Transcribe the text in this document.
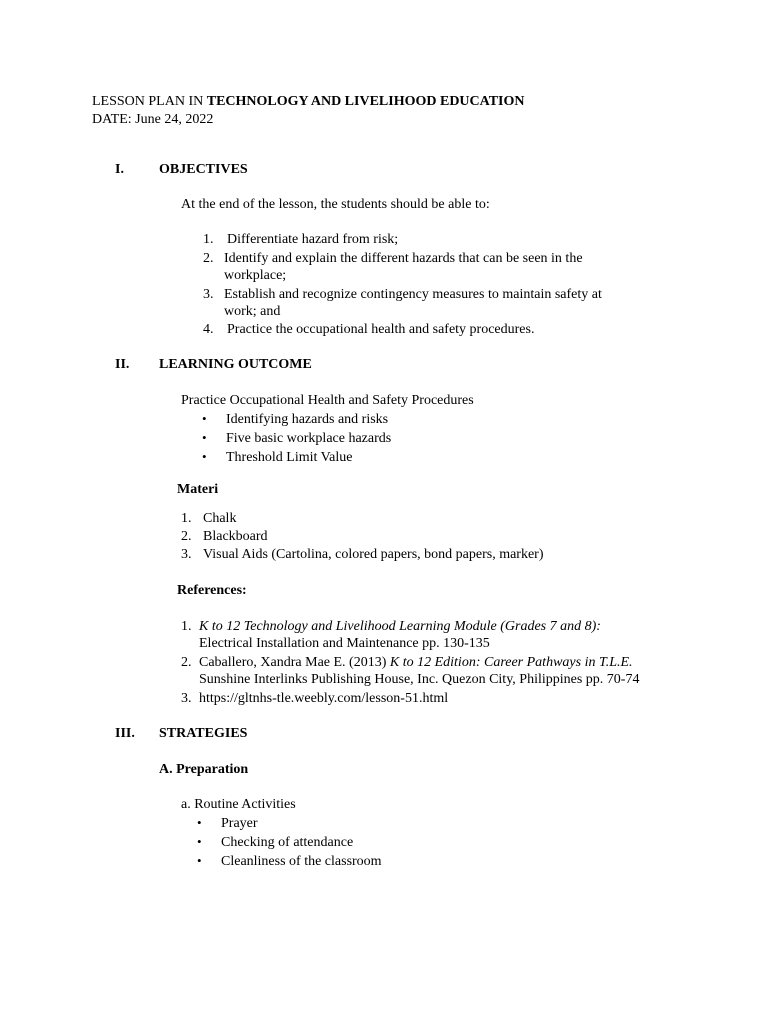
LESSON PLAN IN TECHNOLOGY AND LIVELIHOOD EDUCATION
DATE: June 24, 2022
I.	OBJECTIVES
At the end of the lesson, the students should be able to:
1. Differentiate hazard from risk;
2. Identify and explain the different hazards that can be seen in the
workplace;
3. Establish and recognize contingency measures to maintain safety at
work; and
4. Practice the occupational health and safety procedures.
II. LEARNING OUTCOME
Practice Occupational Health and Safety Procedures
• Identifying hazards and risks
• Five basic workplace hazards
• Threshold Limit Value
Materi
1. Chalk
2. Blackboard
3. Visual Aids (Cartolina, colored papers, bond papers, marker)
References:
1. K to 12 Technology and Livelihood Learning Module (Grades 7 and 8):
Electrical Installation and Maintenance pp. 130-135
2. Caballero, Xandra Mae E. (2013) K to 12 Edition: Career Pathways in T.L.E.
Sunshine Interlinks Publishing House, Inc. Quezon City, Philippines pp. 70-74
3. https://gltnhs-tle.weebly.com/lesson-51.html
III. STRATEGIES
A. Preparation
a. Routine Activities
• Prayer
• Checking of attendance
• Cleanliness of the classroom
